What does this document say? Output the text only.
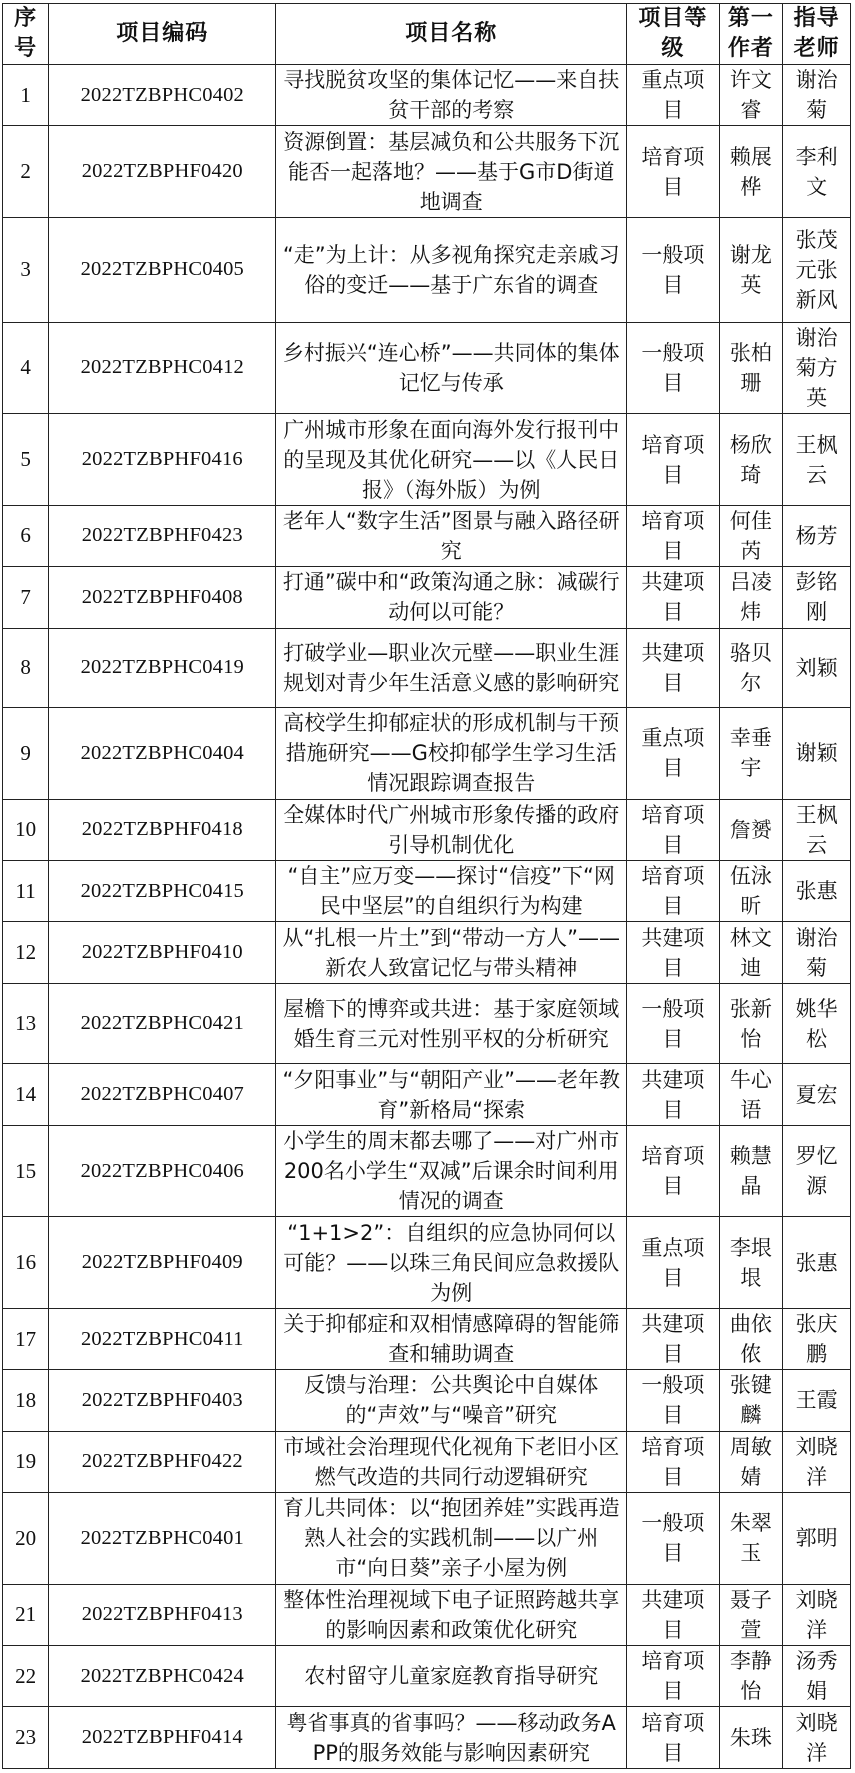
序号	项目编码	项目名称	项目等级	第一作者	指导老师
1	2022TZBPHC0402	寻找脱贫攻坚的集体记忆——来自扶贫干部的考察	重点项目	许文睿	谢治菊
2	2022TZBPHF0420	资源倒置：基层减负和公共服务下沉能否一起落地？——基于G市D街道地调查	培育项目	赖展桦	李利文
3	2022TZBPHC0405	“走”为上计：从多视角探究走亲戚习俗的变迁——基于广东省的调查	一般项目	谢龙英	张茂元张新风
4	2022TZBPHC0412	乡村振兴“连心桥”——共同体的集体记忆与传承	一般项目	张柏珊	谢治菊方英
5	2022TZBPHF0416	广州城市形象在面向海外发行报刊中的呈现及其优化研究——以《人民日报》（海外版）为例	培育项目	杨欣琦	王枫云
6	2022TZBPHF0423	老年人“数字生活”图景与融入路径研究	培育项目	何佳芮	杨芳
7	2022TZBPHF0408	打通”碳中和“政策沟通之脉：减碳行动何以可能？	共建项目	吕凌炜	彭铭刚
8	2022TZBPHC0419	打破学业—职业次元壁——职业生涯规划对青少年生活意义感的影响研究	共建项目	骆贝尔	刘颖
9	2022TZBPHC0404	高校学生抑郁症状的形成机制与干预措施研究——G校抑郁学生学习生活情况跟踪调查报告	重点项目	幸垂宇	谢颖
10	2022TZBPHF0418	全媒体时代广州城市形象传播的政府引导机制优化	培育项目	詹赟	王枫云
11	2022TZBPHC0415	“自主”应万变——探讨“信疫”下“网民中坚层”的自组织行为构建	培育项目	伍泳昕	张惠
12	2022TZBPHF0410	从“扎根一片土”到“带动一方人”——新农人致富记忆与带头精神	共建项目	林文迪	谢治菊
13	2022TZBPHC0421	屋檐下的博弈或共进：基于家庭领域婚生育三元对性别平权的分析研究	一般项目	张新怡	姚华松
14	2022TZBPHC0407	“夕阳事业”与“朝阳产业”——老年教育”新格局“探索	共建项目	牛心语	夏宏
15	2022TZBPHC0406	小学生的周末都去哪了——对广州市200名小学生“双减”后课余时间利用情况的调查	培育项目	赖慧晶	罗忆源
16	2022TZBPHF0409	“1+1>2”：自组织的应急协同何以可能？——以珠三角民间应急救援队为例	重点项目	李垠垠	张惠
17	2022TZBPHC0411	关于抑郁症和双相情感障碍的智能筛查和辅助调查	共建项目	曲依侬	张庆鹏
18	2022TZBPHF0403	反馈与治理：公共舆论中自媒体的“声效”与“噪音”研究	一般项目	张键麟	王霞
19	2022TZBPHF0422	市域社会治理现代化视角下老旧小区燃气改造的共同行动逻辑研究	培育项目	周敏婧	刘晓洋
20	2022TZBPHC0401	育儿共同体：以“抱团养娃”实践再造熟人社会的实践机制——以广州市“向日葵”亲子小屋为例	一般项目	朱翠玉	郭明
21	2022TZBPHF0413	整体性治理视域下电子证照跨越共享的影响因素和政策优化研究	共建项目	聂子萱	刘晓洋
22	2022TZBPHC0424	农村留守儿童家庭教育指导研究	培育项目	李静怡	汤秀娟
23	2022TZBPHF0414	粤省事真的省事吗？——移动政务APP的服务效能与影响因素研究	培育项目	朱珠	刘晓洋
